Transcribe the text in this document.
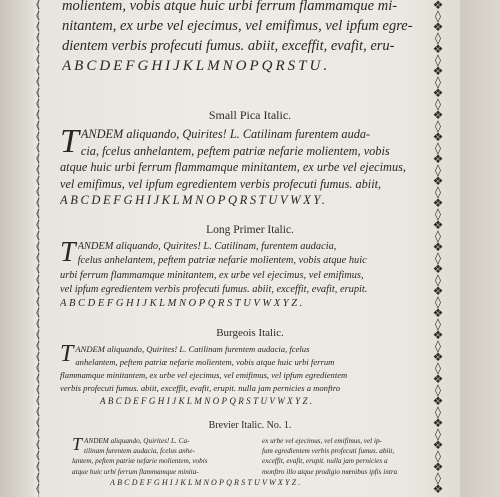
❬
❬
❬
❬
❬
❬
❬
❬
❬
❬
❬
❬
❬
❬
❬
❬
❬
❬
❬
❬
❬
❬
❬
❬
❬
❬
❬
❬
❬
❬
❬
❬
❬
❬
❬
❬
❬
❬
❬
❬
❬
❬
❬
❬
❬
❖
◊
❖
◊
❖
◊
❖
◊
❖
◊
❖
◊
❖
◊
❖
◊
❖
◊
❖
◊
❖
◊
❖
◊
❖
◊
❖
◊
❖
◊
❖
◊
❖
◊
❖
◊
❖
◊
❖
◊
❖
◊
❖
◊
❖
molientem, vobis atque huic urbi ferrum flammamque mi-
nitantem, ex urbe vel ejecimus, vel emifimus, vel ipfum egre-
dientem verbis profecuti fumus. abiit, exceffit, evafit, eru-
ABCDEFGHIJKLMNOPQRSTU.
Small Pica Italic.
T ANDEM aliquando, Quirites! L. Catilinam furentem auda-
cia, fcelus anhelantem, peftem patriæ nefarie molientem, vobis
atque huic urbi ferrum flammamque minitantem, ex urbe vel ejecimus,
vel emifimus, vel ipfum egredientem verbis profecuti fumus. abiit,
ABCDEFGHIJKLMNOPQRSTUVWXY.
Long Primer Italic.
T ANDEM aliquando, Quirites! L. Catilinam, furentem audacia,
fcelus anhelantem, peftem patriæ nefarie molientem, vobis atque huic
urbi ferrum flammamque minitantem, ex urbe vel ejecimus, vel emifimus,
vel ipfum egredientem verbis profecuti fumus. abiit, exceffit, evafit, erupit.
ABCDEFGHIJKLMNOPQRSTUVWXYZ.
Burgeois Italic.
T ANDEM aliquando, Quirites! L. Catilinam furentem audacia, fcelus
anhelantem, peftem patriæ nefarie molientem, vobis atque huic urbi ferrum
flammamque minitantem, ex urbe vel ejecimus, vel emifimus, vel ipfum egredientem
verbis profecuti fumus. abiit, exceffit, evafit, erupit. nulla jam pernicies a monftro
ABCDEFGHIJKLMNOPQRSTUVWXYZ.
Brevier Italic. No. 1.
T ANDEM aliquando, Quirites! L. Ca-
tilinam furentem audacia, fcelus anhe-
lantem, peftem patriæ nefarie molientem, vobis
atque huic urbi ferrum flammamque minita-
ex urbe vel ejecimus, vel emifimus, vel ip-
fum egredientem verbis profecuti fumus. abiit,
exceffit, evafit, erupit. nulla jam pernicies a
monftro illo atque prodigio mœnibus ipfis intra
ABCDEFGHIJKLMNOPQRSTUVWXYZ.
